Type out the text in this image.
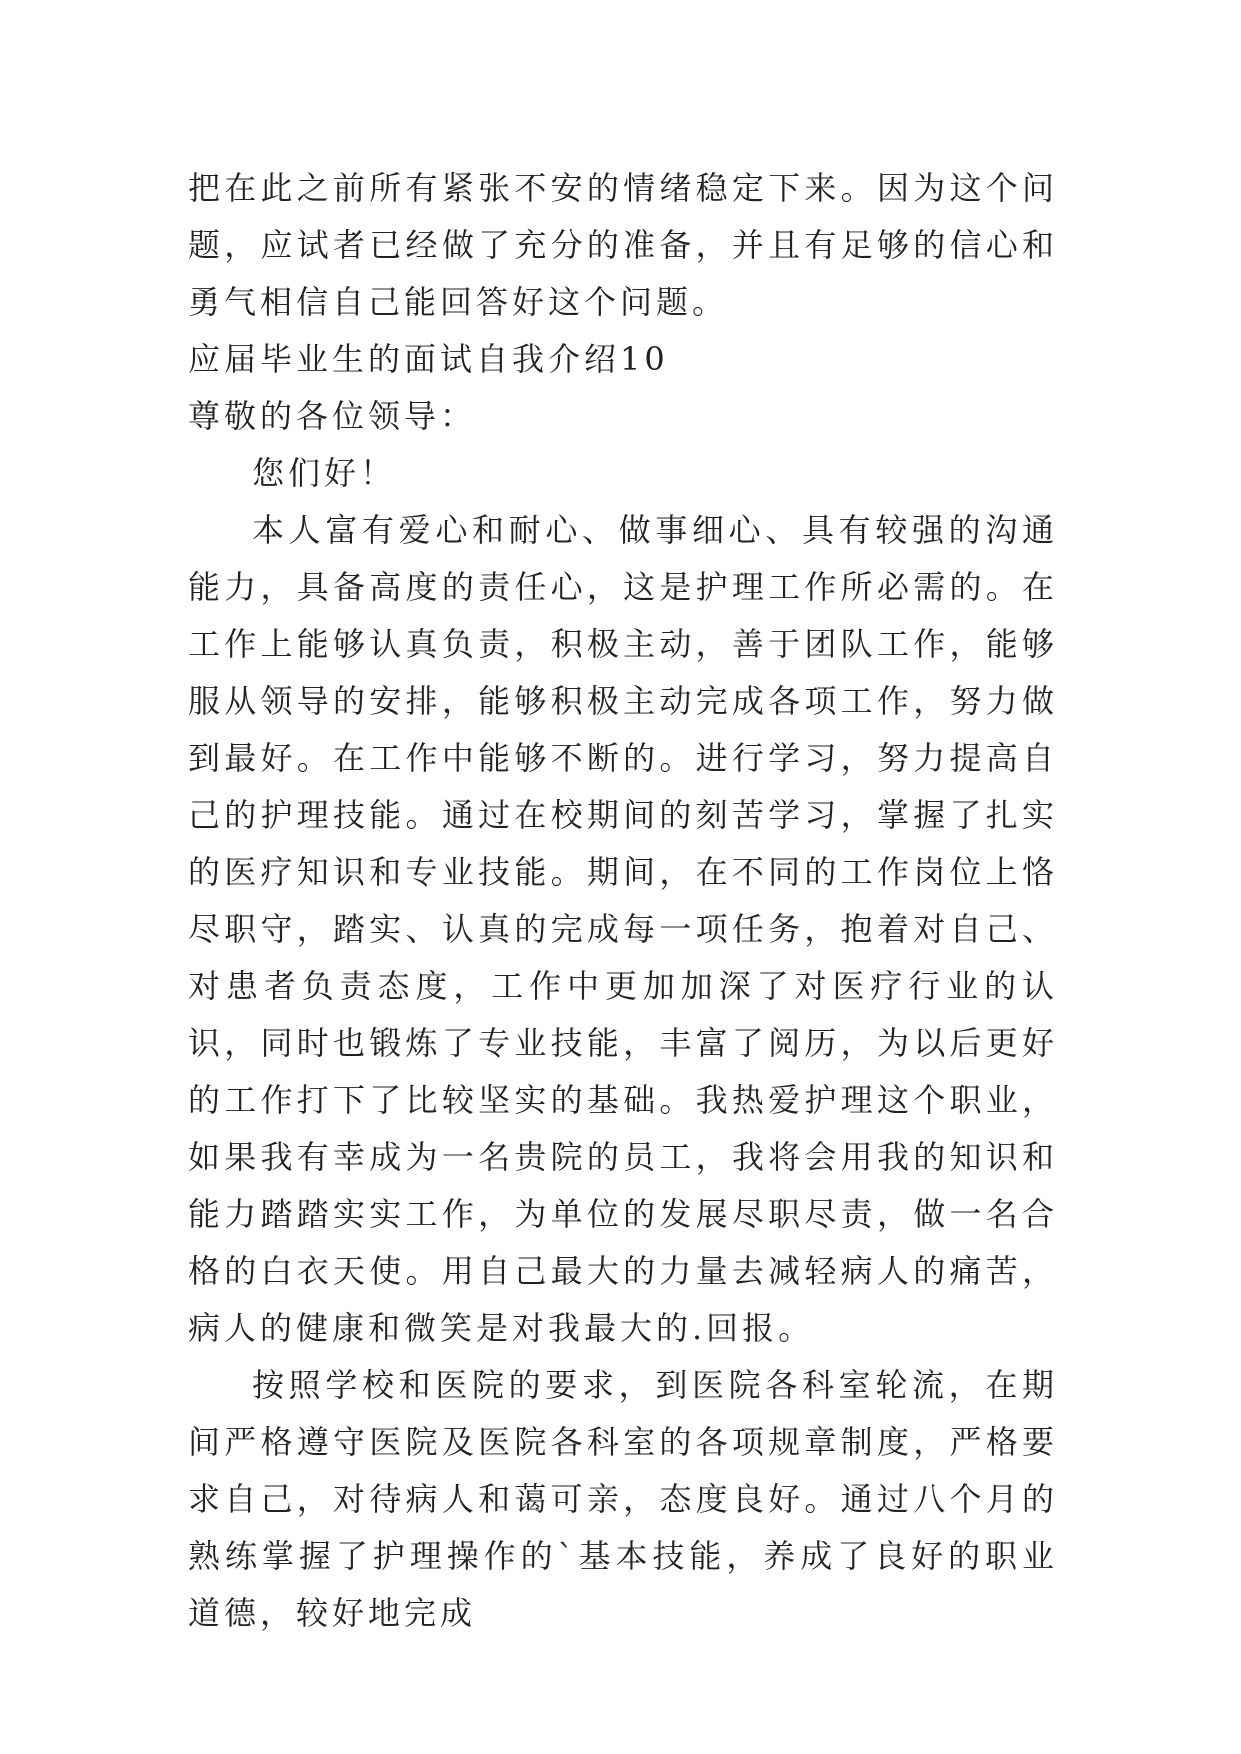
把在此之前所有紧张不安的情绪稳定下来。因为这个问题，应试者已经做了充分的准备，并且有足够的信心和勇气相信自己能回答好这个问题。

应届毕业生的面试自我介绍10

尊敬的各位领导：

您们好！

本人富有爱心和耐心、做事细心、具有较强的沟通能力，具备高度的责任心，这是护理工作所必需的。在工作上能够认真负责，积极主动，善于团队工作，能够服从领导的安排，能够积极主动完成各项工作，努力做到最好。在工作中能够不断的。进行学习，努力提高自己的护理技能。通过在校期间的刻苦学习，掌握了扎实的医疗知识和专业技能。期间，在不同的工作岗位上恪尽职守，踏实、认真的完成每一项任务，抱着对自己、对患者负责态度，工作中更加加深了对医疗行业的认识，同时也锻炼了专业技能，丰富了阅历，为以后更好的工作打下了比较坚实的基础。我热爱护理这个职业，如果我有幸成为一名贵院的员工，我将会用我的知识和能力踏踏实实工作，为单位的发展尽职尽责，做一名合格的白衣天使。用自己最大的力量去减轻病人的痛苦，病人的健康和微笑是对我最大的.回报。

按照学校和医院的要求，到医院各科室轮流，在期间严格遵守医院及医院各科室的各项规章制度，严格要求自己，对待病人和蔼可亲，态度良好。通过八个月的熟练掌握了护理操作的`基本技能，养成了良好的职业道德，较好地完成
